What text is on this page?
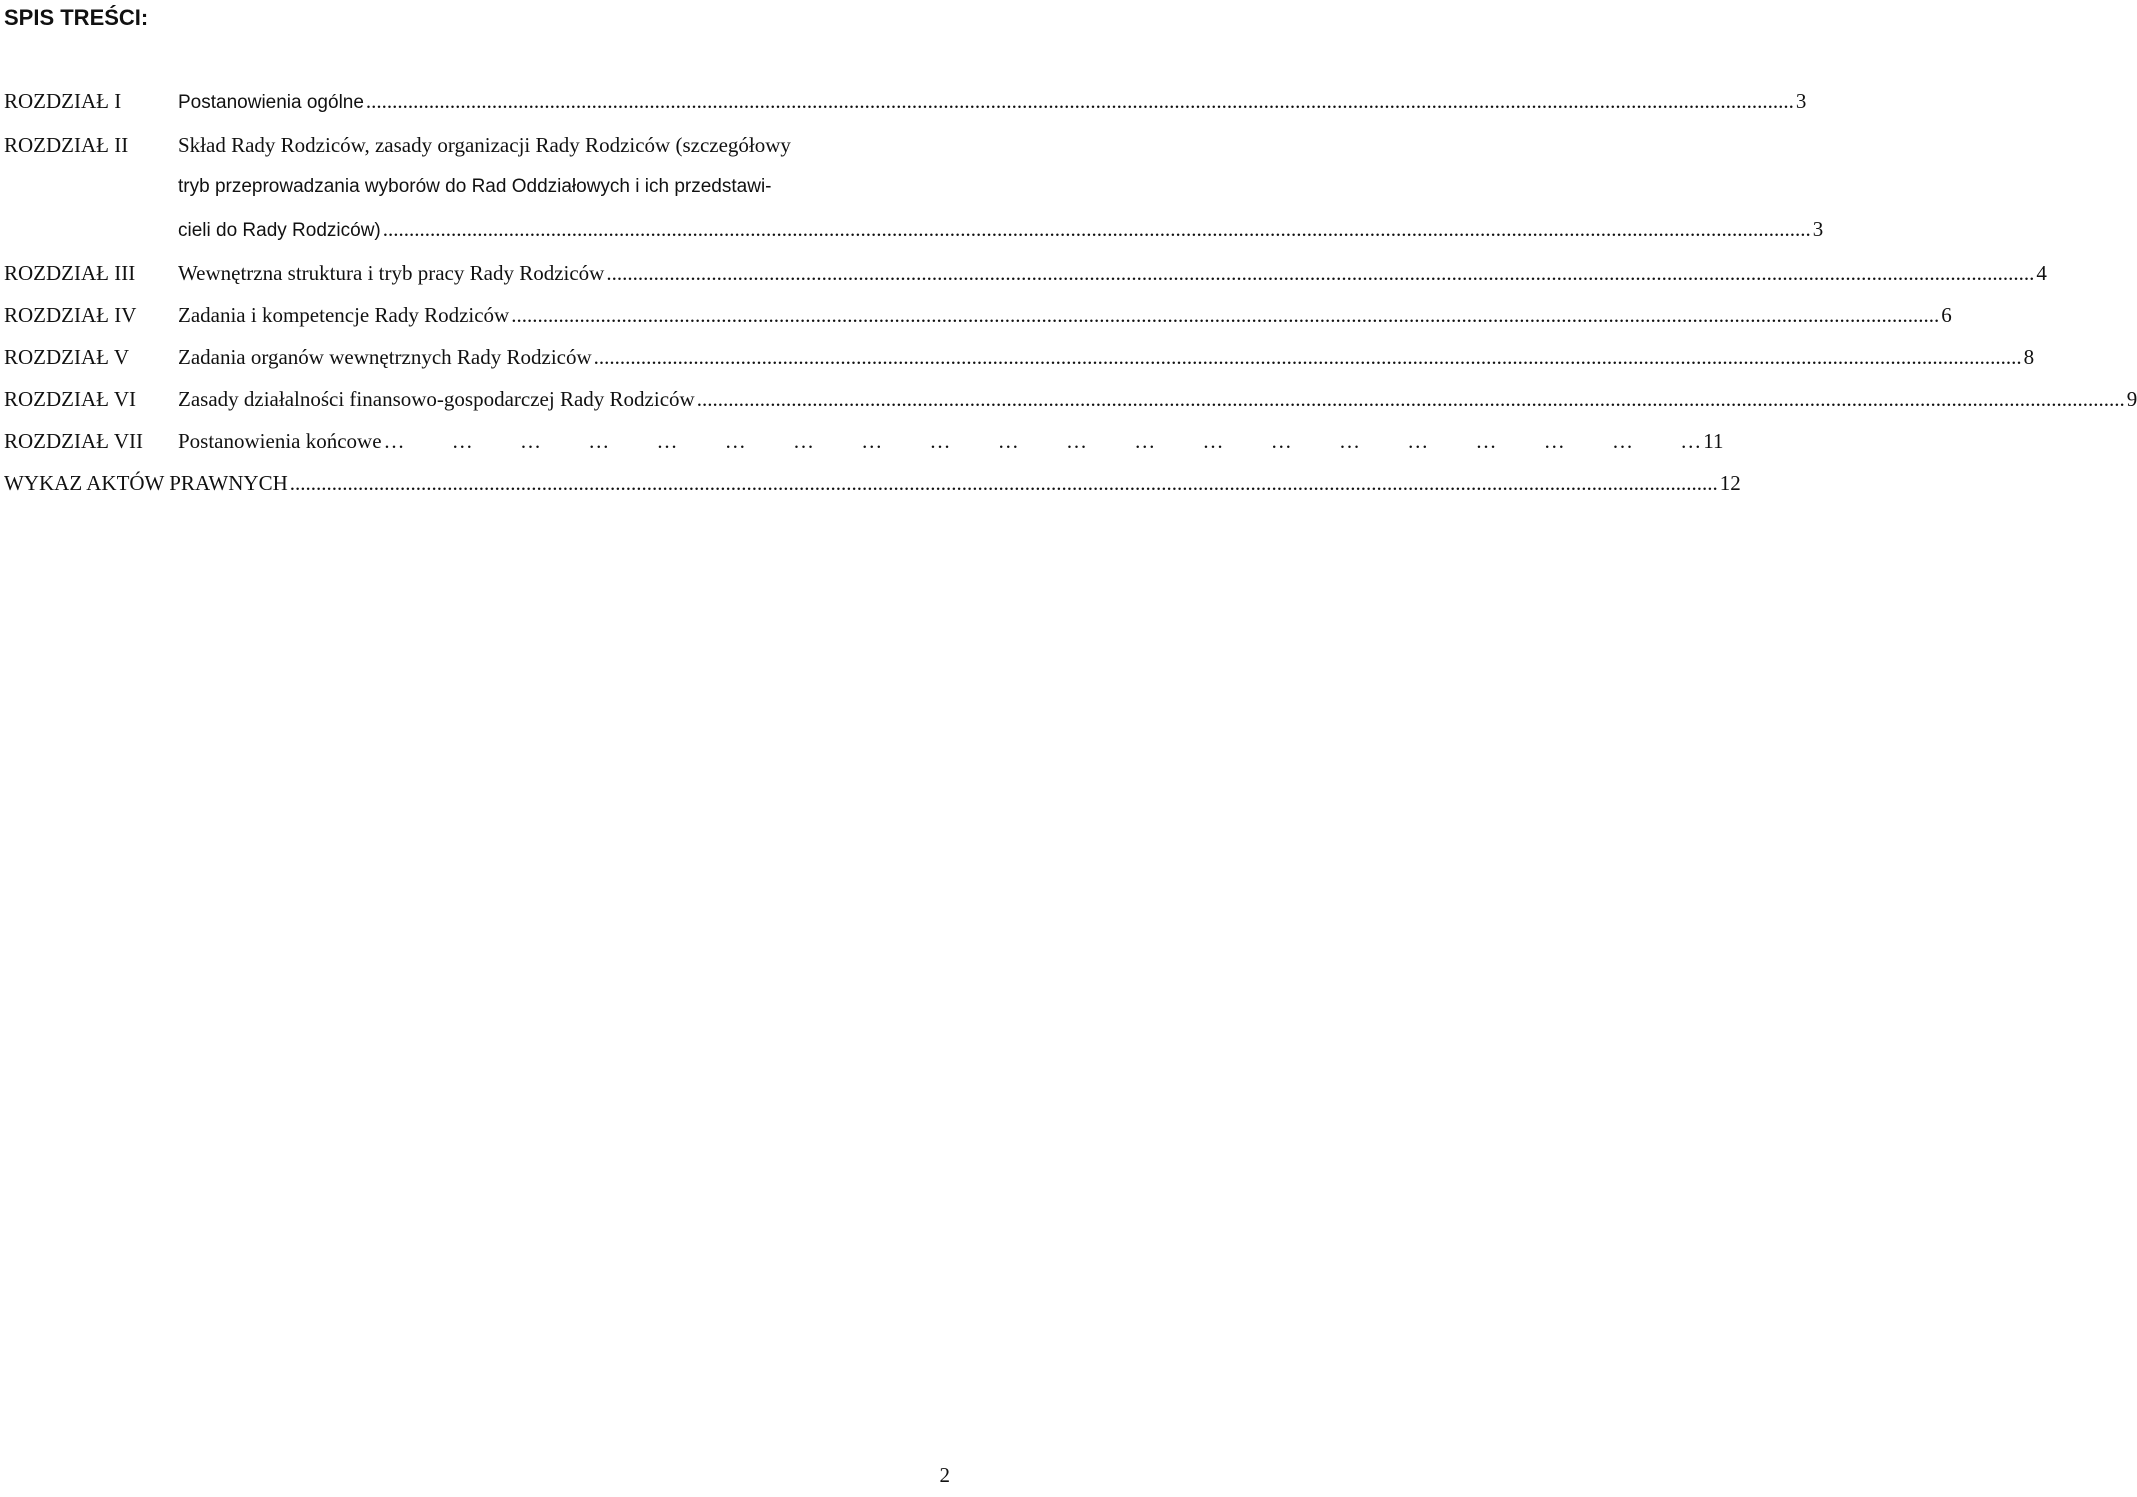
SPIS TREŚCI:
ROZDZIAŁ I	Postanowienia ogólne .....	3
ROZDZIAŁ II	Skład Rady Rodziców, zasady organizacji Rady Rodziców (szczegółowy
tryb przeprowadzania wyborów do Rad Oddziałowych i ich przedstawi-
cieli do Rady Rodziców) .....	3
ROZDZIAŁ III	Wewnętrzna struktura i tryb pracy Rady Rodziców .....	4
ROZDZIAŁ IV	Zadania i kompetencje Rady Rodziców .....	6
ROZDZIAŁ V	Zadania organów wewnętrznych Rady Rodziców .....	8
ROZDZIAŁ VI	Zasady działalności finansowo-gospodarczej Rady Rodziców .....	9
ROZDZIAŁ VII	Postanowienia końcowe … … … … … … … … … … … … … … … … … … … …	11
WYKAZ AKTÓW PRAWNYCH .....	12
2
